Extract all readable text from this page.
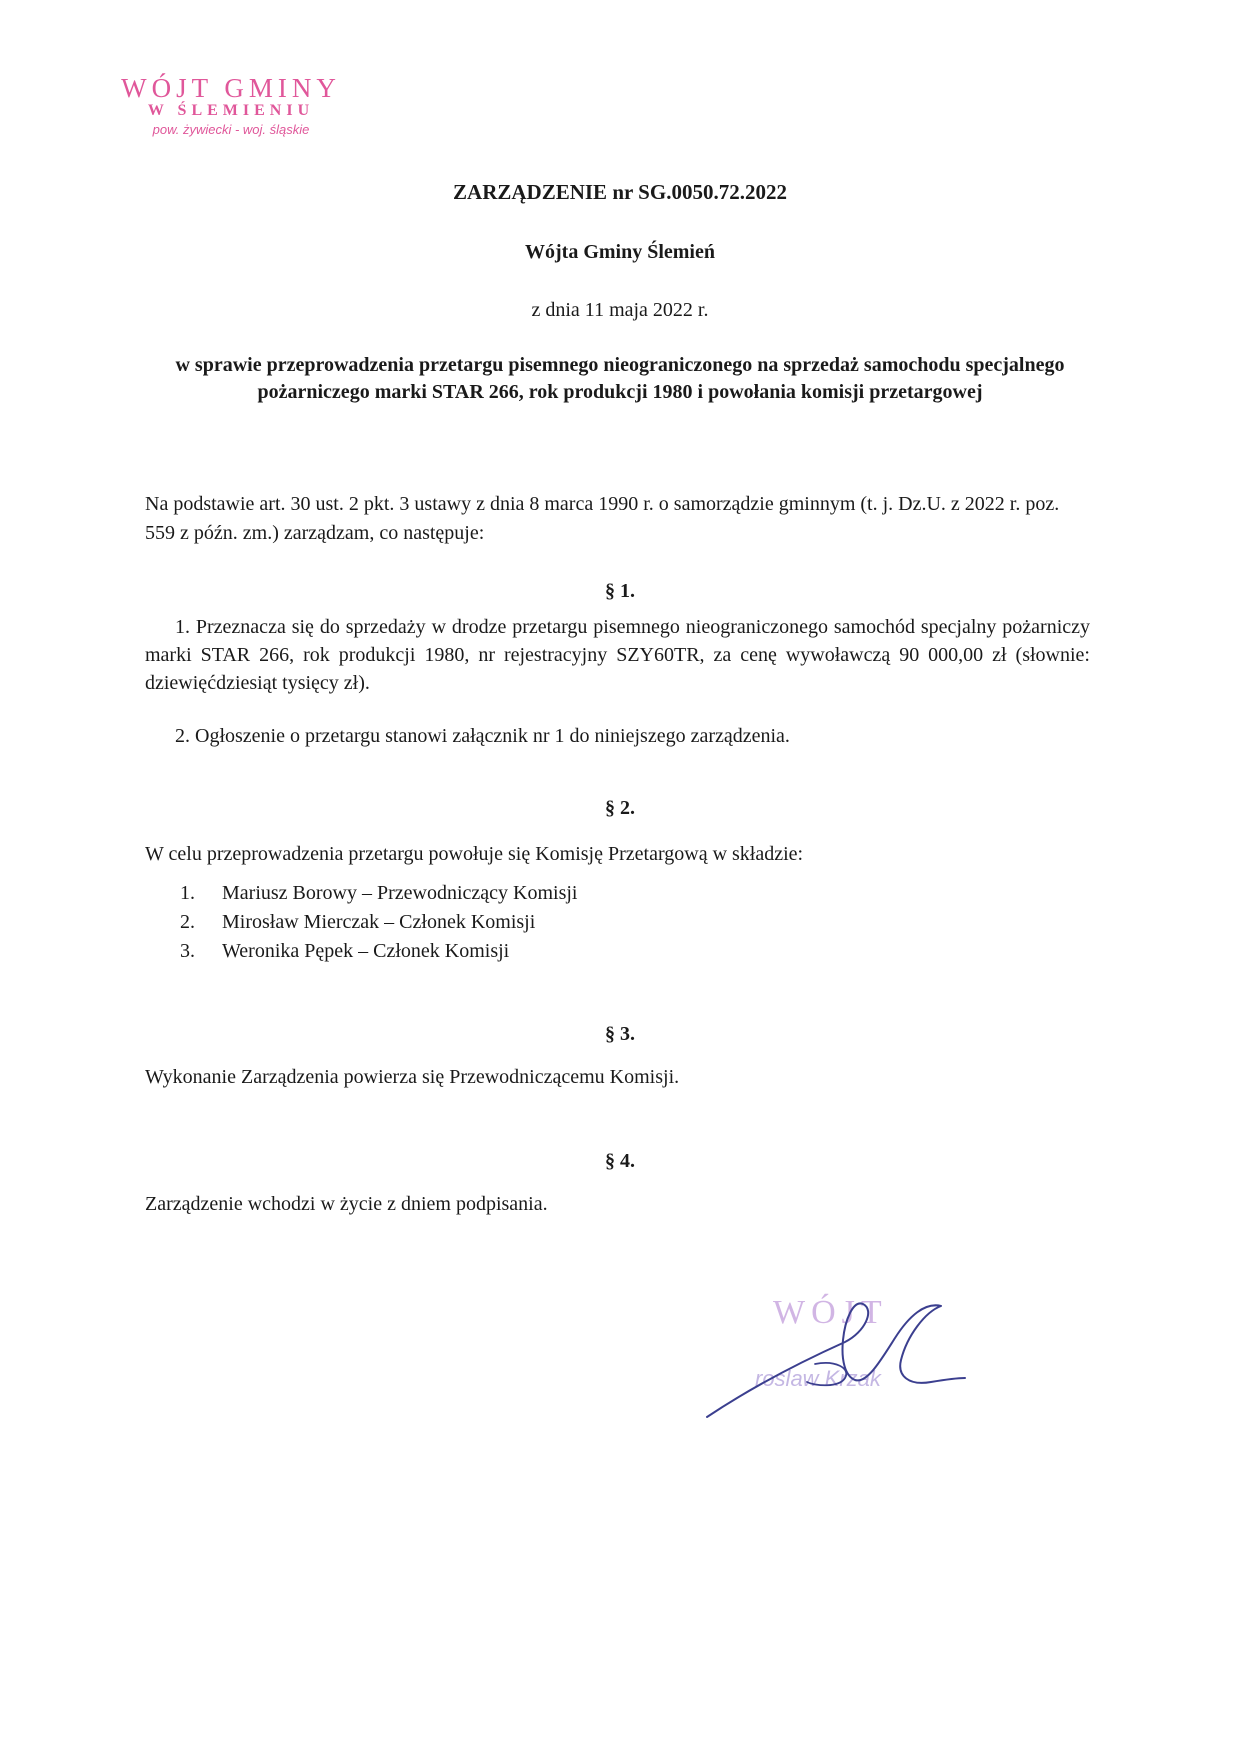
WÓJT GMINY
W ŚLEMIENIU
pow. żywiecki - woj. śląskie
ZARZĄDZENIE nr SG.0050.72.2022
Wójta Gminy Ślemień
z dnia 11 maja 2022 r.
w sprawie przeprowadzenia przetargu pisemnego nieograniczonego na sprzedaż samochodu specjalnego pożarniczego marki STAR 266, rok produkcji 1980 i powołania komisji przetargowej
Na podstawie art. 30 ust. 2 pkt. 3 ustawy z dnia 8 marca 1990 r. o samorządzie gminnym (t. j. Dz.U. z 2022 r. poz. 559 z późn. zm.) zarządzam, co następuje:
§ 1.
1. Przeznacza się do sprzedaży w drodze przetargu pisemnego nieograniczonego samochód specjalny pożarniczy marki STAR 266, rok produkcji 1980, nr rejestracyjny SZY60TR, za cenę wywoławczą 90 000,00 zł (słownie: dziewięćdziesiąt tysięcy zł).
2. Ogłoszenie o przetargu stanowi załącznik nr 1 do niniejszego zarządzenia.
§ 2.
W celu przeprowadzenia przetargu powołuje się Komisję Przetargową w składzie:
1. Mariusz Borowy – Przewodniczący Komisji
2. Mirosław Mierczak – Członek Komisji
3. Weronika Pępek – Członek Komisji
§ 3.
Wykonanie Zarządzenia powierza się Przewodniczącemu Komisji.
§ 4.
Zarządzenie wchodzi w życie z dniem podpisania.
WÓJT
roslaw Krzak
